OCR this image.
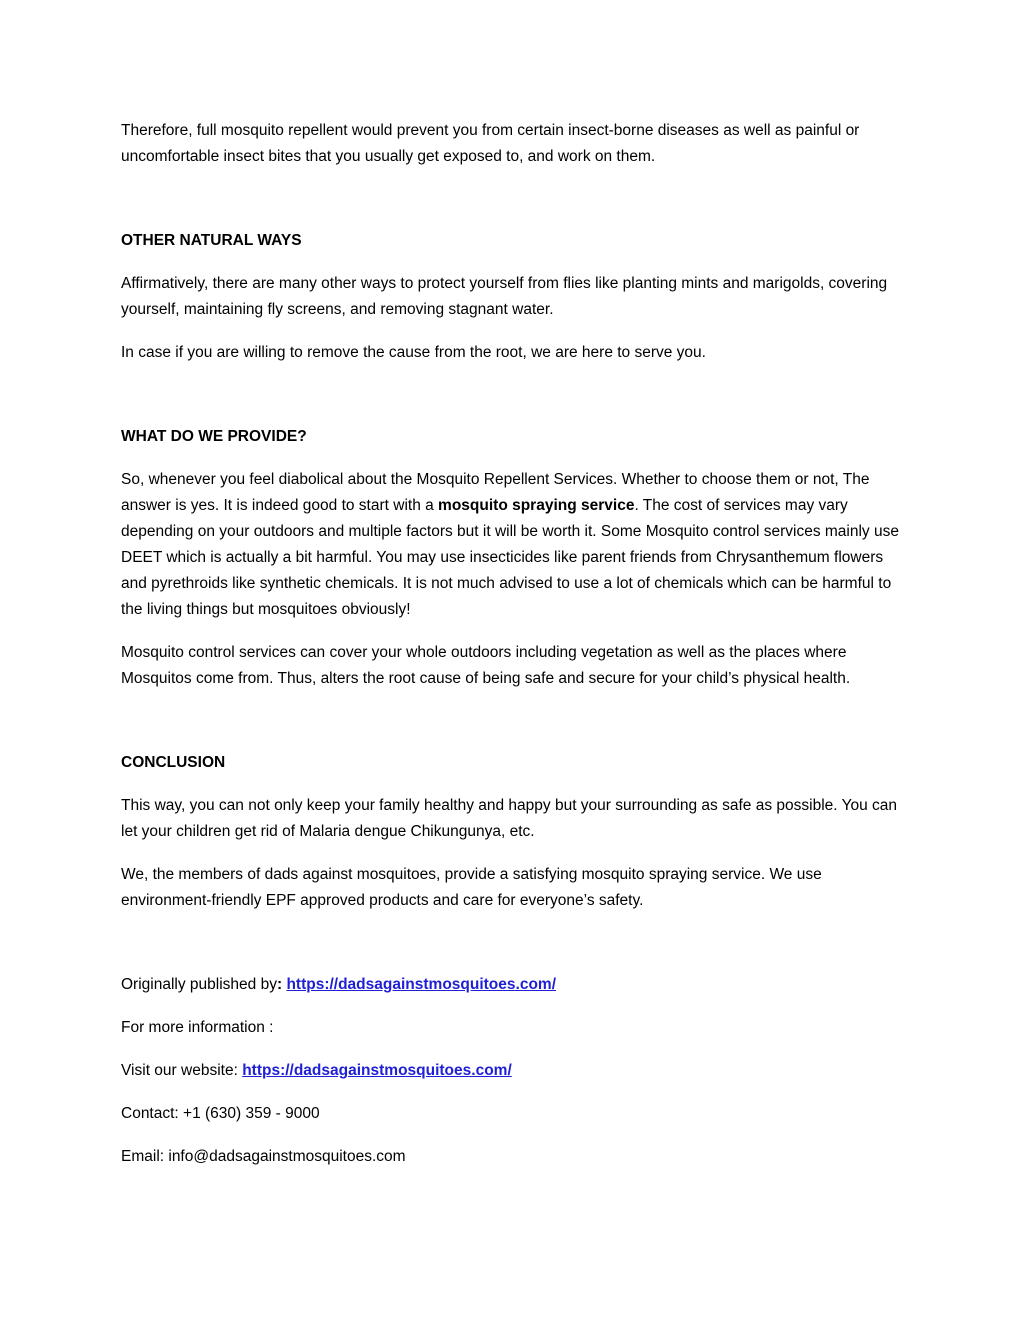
Therefore, full mosquito repellent would prevent you from certain insect-borne diseases as well as painful or uncomfortable insect bites that you usually get exposed to, and work on them.

OTHER NATURAL WAYS

Affirmatively, there are many other ways to protect yourself from flies like planting mints and marigolds, covering yourself, maintaining fly screens, and removing stagnant water.

In case if you are willing to remove the cause from the root, we are here to serve you.

WHAT DO WE PROVIDE?

So, whenever you feel diabolical about the Mosquito Repellent Services. Whether to choose them or not, The answer is yes. It is indeed good to start with a mosquito spraying service. The cost of services may vary depending on your outdoors and multiple factors but it will be worth it. Some Mosquito control services mainly use DEET which is actually a bit harmful. You may use insecticides like parent friends from Chrysanthemum flowers and pyrethroids like synthetic chemicals. It is not much advised to use a lot of chemicals which can be harmful to the living things but mosquitoes obviously!

Mosquito control services can cover your whole outdoors including vegetation as well as the places where Mosquitos come from. Thus, alters the root cause of being safe and secure for your child’s physical health.

CONCLUSION

This way, you can not only keep your family healthy and happy but your surrounding as safe as possible. You can let your children get rid of Malaria dengue Chikungunya, etc.

We, the members of dads against mosquitoes, provide a satisfying mosquito spraying service. We use environment-friendly EPF approved products and care for everyone’s safety.

Originally published by: https://dadsagainstmosquitoes.com/

For more information :

Visit our website: https://dadsagainstmosquitoes.com/

Contact: +1 (630) 359 - 9000

Email: info@dadsagainstmosquitoes.com
